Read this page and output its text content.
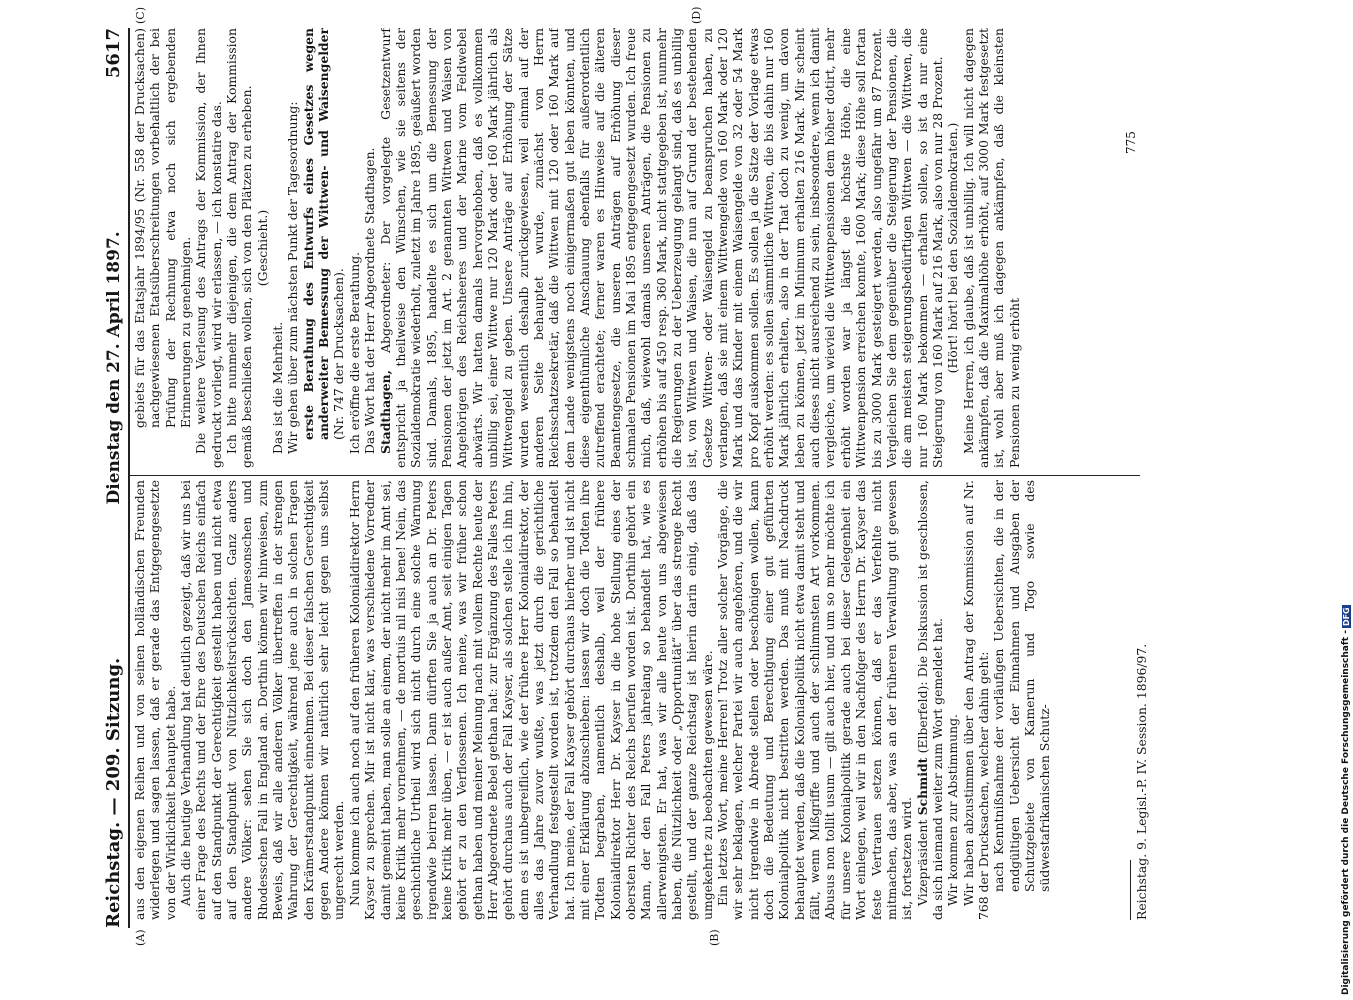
Reichstag. — 209. Sitzung.
Dienstag den 27. April 1897.
5617
(A)	(B)
(C)	(D)

aus den eigenen Reihen und von seinen holländischen Freunden widerlegen und sagen lassen, daß er gerade das Entgegengesetzte von der Wirklichkeit behauptet habe. Auch die heutige Verhandlung hat deutlich gezeigt, daß wir uns bei einer Frage des Rechts und der Ehre des Deutschen Reichs einfach auf den Standpunkt der Gerechtigkeit gestellt haben und nicht etwa auf den Standpunkt von Nützlichkeitsrücksichten. Ganz anders andere Völker: sehen Sie sich doch den Jamesonschen und Rhodesschen Fall in England an. Dorthin können wir hinweisen, zum Beweis, daß wir alle anderen Völker übertreffen in der strengen Wahrung der Gerechtigkeit, während jene auch in solchen Fragen den Krämerstandpunkt einnehmen. Bei dieser falschen Gerechtigkeit gegen Andere können wir natürlich sehr leicht gegen uns selbst ungerecht werden. Nun komme ich auch noch auf den früheren Kolonialdirektor Herrn Kayser zu sprechen. Mir ist nicht klar, was verschiedene Vorredner damit gemeint haben, man solle an einem, der nicht mehr im Amt sei, keine Kritik mehr vornehmen, — de mortuis nil nisi bene! Nein, das geschichtliche Urtheil wird sich nicht durch eine solche Warnung irgendwie beirren lassen. Dann dürften Sie ja auch an Dr. Peters keine Kritik mehr üben, — er ist auch außer Amt, seit einigen Tagen gehört er zu den Verflossenen. Ich meine, was wir früher schon gethan haben und meiner Meinung nach mit vollem Rechte heute der Herr Abgeordnete Bebel gethan hat: zur Ergänzung des Falles Peters gehört durchaus auch der Fall Kayser, als solchen stelle ich ihn hin, denn es ist unbegreiflich, wie der frühere Herr Kolonialdirektor, der alles das Jahre zuvor wußte, was jetzt durch die gerichtliche Verhandlung festgestellt worden ist, trotzdem den Fall so behandelt hat. Ich meine, der Fall Kayser gehört durchaus hierher und ist nicht mit einer Erklärung abzuschieben: lassen wir doch die Todten ihre Todten begraben, namentlich deshalb, weil der frühere Kolonialdirektor Herr Dr. Kayser in die hohe Stellung eines der obersten Richter des Reichs berufen worden ist. Dorthin gehört ein Mann, der den Fall Peters jahrelang so behandelt hat, wie es allerwenigsten. Er hat, was wir alle heute von uns abgewiesen haben, die Nützlichkeit oder „Opportunität“ über das strenge Recht gestellt, und der ganze Reichstag ist hierin darin einig, daß das umgekehrte zu beobachten gewesen wäre. Ein letztes Wort, meine Herren! Trotz aller solcher Vorgänge, die wir sehr beklagen, welcher Partei wir auch angehören, und die wir nicht irgendwie in Abrede stellen oder beschönigen wollen, kann doch die Bedeutung und Berechtigung einer gut geführten Kolonialpolitik nicht bestritten werden. Das muß mit Nachdruck behauptet werden, daß die Kolonialpolitik nicht etwa damit steht und fällt, wenn Mißgriffe und auch der schlimmsten Art vorkommen. Abusus non tollit usum — gilt auch hier, und um so mehr möchte ich für unsere Kolonialpolitik gerade auch bei dieser Gelegenheit ein Wort einlegen, weil wir in den Nachfolger des Herrn Dr. Kayser das feste Vertrauen setzen können, daß er das Verfehlte nicht mitmachen, das aber, was an der früheren Verwaltung gut gewesen ist, fortsetzen wird. Vizepräsident Schmidt (Elberfeld): Die Diskussion ist geschlossen, da sich niemand weiter zum Wort gemeldet hat. Wir kommen zur Abstimmung. Wir haben abzustimmen über den Antrag der Kommission auf Nr. 768 der Drucksachen, welcher dahin geht: nach Kenntnißnahme der vorläufigen Uebersichten, die in der endgültigen Uebersicht der Einnahmen und Ausgaben der Schutzgebiete von Kamerun und Togo sowie des südwestafrikanischen Schutz-

gebiets für das Etatsjahr 1894/95 (Nr. 558 der Drucksachen) nachgewiesenen Etatsüberschreitungen vorbehaltlich der bei Prüfung der Rechnung etwa noch sich ergebenden Erinnerungen zu genehmigen. Die weitere Verlesung des Antrags der Kommission, der Ihnen gedruckt vorliegt, wird wir erlassen, — ich konstatire das. Ich bitte nunmehr diejenigen, die dem Antrag der Kommission gemäß beschließen wollen, sich von den Plätzen zu erheben. (Geschieht.)

Das ist die Mehrheit. Wir gehen über zum nächsten Punkt der Tagesordnung: erste Berathung des Entwurfs eines Gesetzes wegen anderweiter Bemessung der Wittwen- und Waisengelder (Nr. 747 der Drucksachen). Ich eröffne die erste Berathung. Das Wort hat der Herr Abgeordnete Stadthagen. Stadthagen, Abgeordneter: Der vorgelegte Gesetzentwurf entspricht ja theilweise den Wünschen, wie sie seitens der Sozialdemokratie wiederholt, zuletzt im Jahre 1895, geäußert worden sind. Damals, 1895, handelte es sich um die Bemessung der Pensionen der jetzt im Art. 2 genannten Wittwen und Waisen von Angehörigen des Reichsheeres und der Marine vom Feldwebel abwärts. Wir hatten damals hervorgehoben, daß es vollkommen unbillig sei, einer Wittwe nur 120 Mark oder 160 Mark jährlich als Wittwengeld zu geben. Unsere Anträge auf Erhöhung der Sätze wurden wesentlich deshalb zurückgewiesen, weil einmal auf der anderen Seite behauptet wurde, zunächst von Herrn Reichsschatzsekretär, daß die Wittwen mit 120 oder 160 Mark auf dem Lande wenigstens noch einigermaßen gut leben könnten, und diese eigenthümliche Anschauung ebenfalls für außerordentlich zutreffend erachtete; ferner waren es Hinweise auf die älteren Beamtengesetze, die unseren Anträgen auf Erhöhung dieser schmalen Pensionen im Mai 1895 entgegengesetzt wurden. Ich freue mich, daß, wiewohl damals unseren Anträgen, die Pensionen zu erhöhen bis auf 450 resp. 360 Mark, nicht stattgegeben ist, nunmehr die Regierungen zu der Ueberzeugung gelangt sind, daß es unbillig ist, von Wittwen und Waisen, die nun auf Grund der bestehenden Gesetze Wittwen- oder Waisengeld zu beanspruchen haben, zu verlangen, daß sie mit einem Wittwengelde von 160 Mark oder 120 Mark und das Kinder mit einem Waisengelde von 32 oder 54 Mark pro Kopf auskommen sollen. Es sollen ja die Sätze der Vorlage etwas erhöht werden: es sollen sämmtliche Wittwen, die bis dahin nur 160 Mark jährlich erhalten, also in der That doch zu wenig, um davon leben zu können, jetzt im Minimum erhalten 216 Mark. Mir scheint auch dieses nicht ausreichend zu sein, insbesondere, wenn ich damit vergleiche, um wieviel die Wittwenpensionen dem höher dotirt, mehr erhöht worden war ja längst die höchste Höhe, die eine Wittwenpension erreichen konnte, 1600 Mark; diese Höhe soll fortan bis zu 3000 Mark gesteigert werden, also ungefähr um 87 Prozent. Vergleichen Sie dem gegenüber die Steigerung der Pensionen, die die am meisten steigerungsbedürftigen Wittwen — die Wittwen, die nur 160 Mark bekommen — erhalten sollen, so ist da nur eine Steigerung von 160 Mark auf 216 Mark, also von nur 28 Prozent. (Hört! hört! bei den Sozialdemokraten.) Meine Herren, ich glaube, daß ist unbillig. Ich will nicht dagegen ankämpfen, daß die Maximalhöhe erhöht, auf 3000 Mark festgesetzt ist, wohl aber muß ich dagegen ankämpfen, daß die kleinsten Pensionen zu wenig erhöht

Reichstag. 9. Legisl.-P. IV. Session. 1896/97.
775
Digitalisierung gefördert durch die Deutsche Forschungsgemeinschaft -
DFG
